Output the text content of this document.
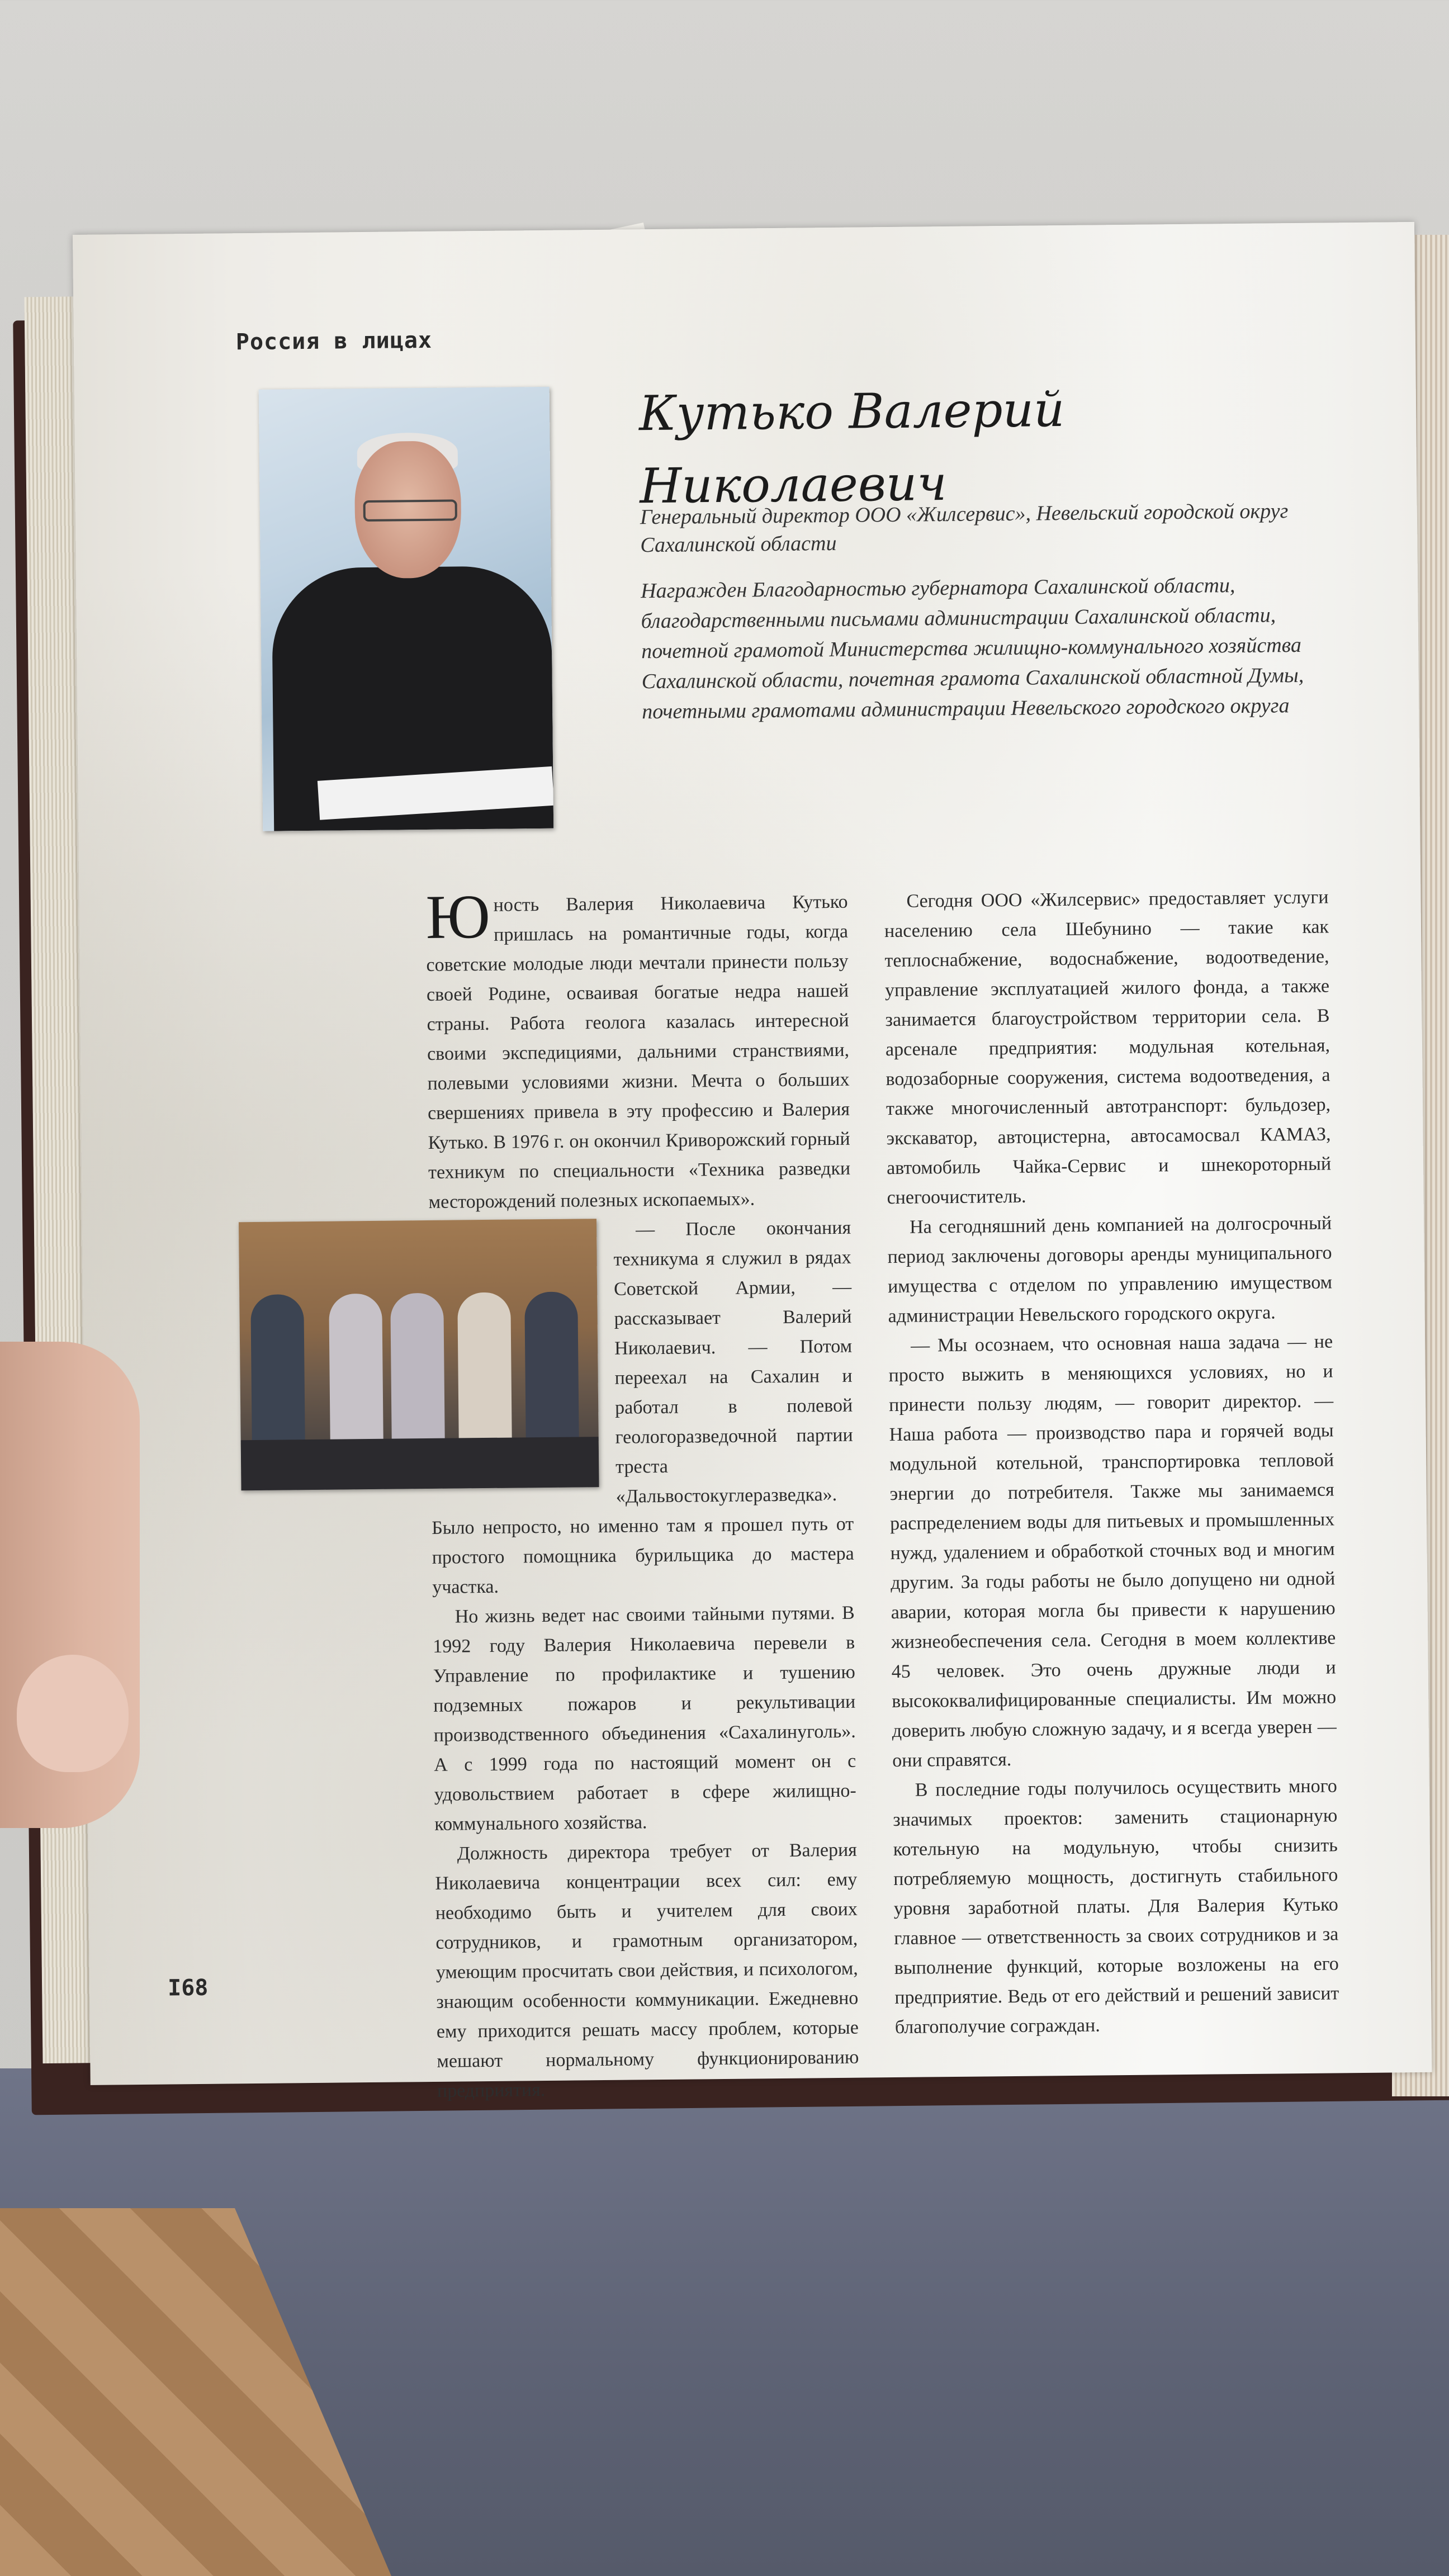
Россия в лицах
Кутько Валерий
Николаевич
Генеральный директор ООО «Жилсервис», Невельский городской округ Сахалинской области
Награжден Благодарностью губернатора Сахалинской области, благодарственными письмами администрации Сахалинской области, почетной грамотой Министерства жилищно-коммунального хозяйства Сахалинской области, почетная грамота Сахалинской областной Думы, почетными грамотами администрации Невельского городского округа

Юность Валерия Николаевича Кутько пришлась на романтичные годы, когда советские молодые люди мечтали принести пользу своей Родине, осваивая богатые недра нашей страны. Работа геолога казалась интересной своими экспедициями, дальними странствиями, полевыми условиями жизни. Мечта о больших свершениях привела в эту профессию и Валерия Кутько. В 1976 г. он окончил Криворожский горный техникум по специальности «Техника разведки месторождений полезных ископаемых».

— После окончания техникума я служил в рядах Советской Армии, — рассказывает Валерий Николаевич. — Потом переехал на Сахалин и работал в полевой геологоразведочной партии треста «Дальвостокуглеразведка». Было непросто, но именно там я прошел путь от простого помощника бурильщика до мастера участка.

Но жизнь ведет нас своими тайными путями. В 1992 году Валерия Николаевича перевели в Управление по профилактике и тушению подземных пожаров и рекультивации производственного объединения «Сахалинуголь». А с 1999 года по настоящий момент он с удовольствием работает в сфере жилищно-коммунального хозяйства.

Должность директора требует от Валерия Николаевича концентрации всех сил: ему необходимо быть и учителем для своих сотрудников, и грамотным организатором, умеющим просчитать свои действия, и психологом, знающим особенности коммуникации. Ежедневно ему приходится решать массу проблем, которые мешают нормальному функционированию предприятия.

Сегодня ООО «Жилсервис» предоставляет услуги населению села Шебунино — такие как теплоснабжение, водоснабжение, водоотведение, управление эксплуатацией жилого фонда, а также занимается благоустройством территории села. В арсенале предприятия: модульная котельная, водозаборные сооружения, система водоотведения, а также многочисленный автотранспорт: бульдозер, экскаватор, автоцистерна, автосамосвал КАМАЗ, автомобиль Чайка-Сервис и шнекороторный снегоочиститель.

На сегодняшний день компанией на долгосрочный период заключены договоры аренды муниципального имущества с отделом по управлению имуществом администрации Невельского городского округа.

— Мы осознаем, что основная наша задача — не просто выжить в меняющихся условиях, но и принести пользу людям, — говорит директор. — Наша работа — производство пара и горячей воды модульной котельной, транспортировка тепловой энергии до потребителя. Также мы занимаемся распределением воды для питьевых и промышленных нужд, удалением и обработкой сточных вод и многим другим. За годы работы не было допущено ни одной аварии, которая могла бы привести к нарушению жизнеобеспечения села. Сегодня в моем коллективе 45 человек. Это очень дружные люди и высококвалифицированные специалисты. Им можно доверить любую сложную задачу, и я всегда уверен — они справятся.

В последние годы получилось осуществить много значимых проектов: заменить стационарную котельную на модульную, чтобы снизить потребляемую мощность, достигнуть стабильного уровня заработной платы. Для Валерия Кутько главное — ответственность за своих сотрудников и за выполнение функций, которые возложены на его предприятие. Ведь от его действий и решений зависит благополучие сограждан.

I68
